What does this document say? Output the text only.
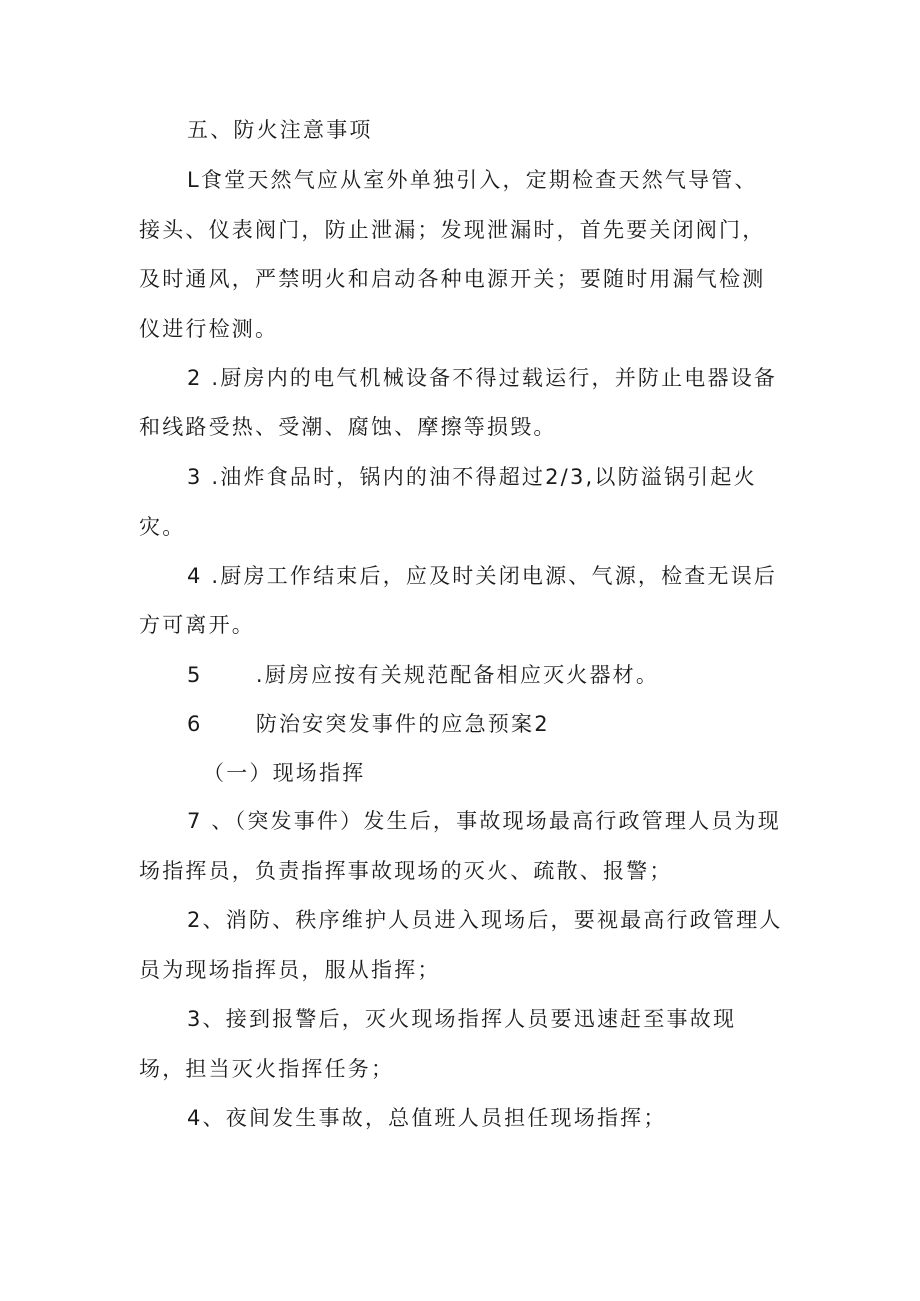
五、防火注意事项
L食堂天然气应从室外单独引入，定期检查天然气导管、
接头、仪表阀门，防止泄漏；发现泄漏时，首先要关闭阀门，
及时通风，严禁明火和启动各种电源开关；要随时用漏气检测
仪进行检测。
2 .厨房内的电气机械设备不得过载运行，并防止电器设备
和线路受热、受潮、腐蚀、摩擦等损毁。
3 .油炸食品时，锅内的油不得超过2/3,以防溢锅引起火
灾。
4 .厨房工作结束后，应及时关闭电源、气源，检查无误后
方可离开。
5      .厨房应按有关规范配备相应灭火器材。
6      防治安突发事件的应急预案2
（一）现场指挥
7 、（突发事件）发生后，事故现场最高行政管理人员为现
场指挥员，负责指挥事故现场的灭火、疏散、报警；
2、消防、秩序维护人员进入现场后，要视最高行政管理人
员为现场指挥员，服从指挥；
3、接到报警后，灭火现场指挥人员要迅速赶至事故现
场，担当灭火指挥任务；
4、夜间发生事故，总值班人员担任现场指挥；
